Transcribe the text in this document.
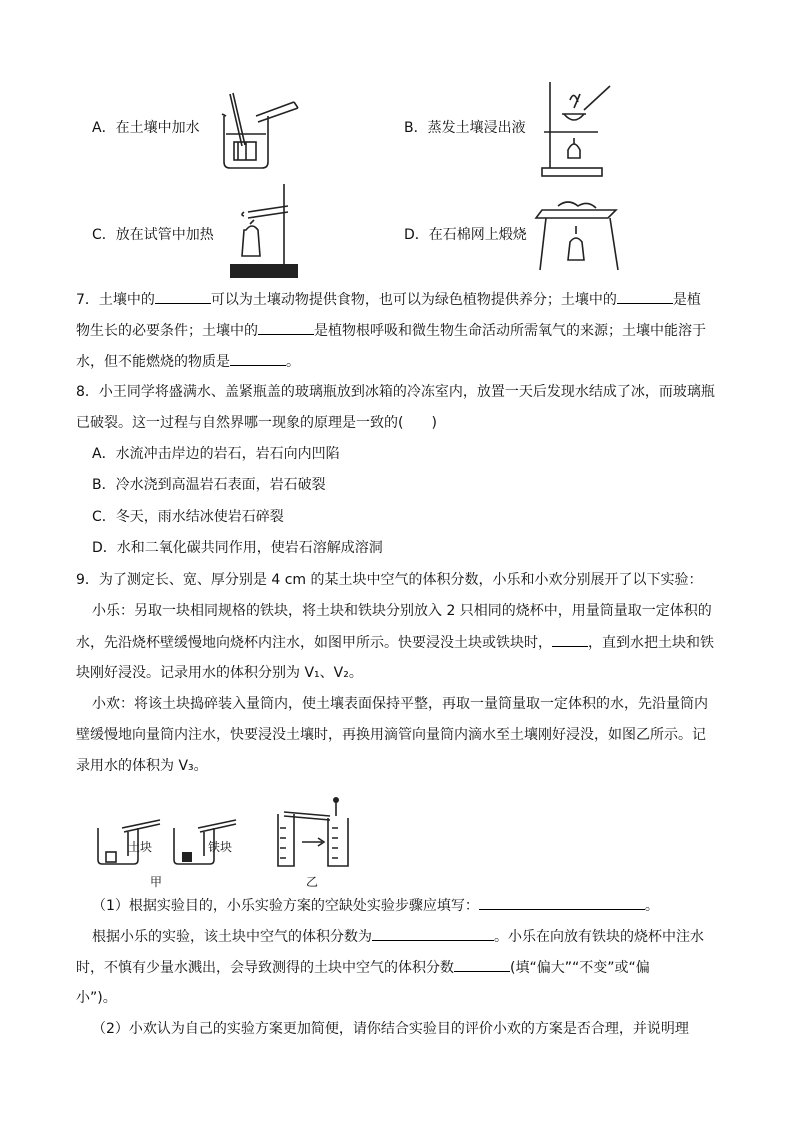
A．在土壤中加水	B．蒸发土壤浸出液
C．放在试管中加热	D．在石棉网上煅烧
7．土壤中的	可以为土壤动物提供食物，也可以为绿色植物提供养分；土壤中的	是植
物生长的必要条件；土壤中的	是植物根呼吸和微生物生命活动所需氧气的来源；土壤中能溶于
水，但不能燃烧的物质是	。
8．小王同学将盛满水、盖紧瓶盖的玻璃瓶放到冰箱的冷冻室内，放置一天后发现水结成了冰，而玻璃瓶
已破裂。这一过程与自然界哪一现象的原理是一致的(　　)
A．水流冲击岸边的岩石，岩石向内凹陷
B．冷水浇到高温岩石表面，岩石破裂
C．冬天，雨水结冰使岩石碎裂
D．水和二氧化碳共同作用，使岩石溶解成溶洞
9．为了测定长、宽、厚分别是 4 cm 的某土块中空气的体积分数，小乐和小欢分别展开了以下实验：
小乐：另取一块相同规格的铁块，将土块和铁块分别放入 2 只相同的烧杯中，用量筒量取一定体积的
水，先沿烧杯壁缓慢地向烧杯内注水，如图甲所示。快要浸没土块或铁块时，	，直到水把土块和铁
块刚好浸没。记录用水的体积分别为 V₁、V₂。
小欢：将该土块捣碎装入量筒内，使土壤表面保持平整，再取一量筒量取一定体积的水，先沿量筒内
壁缓慢地向量筒内注水，快要浸没土壤时，再换用滴管向量筒内滴水至土壤刚好浸没，如图乙所示。记
录用水的体积为 V₃。
土块	铁块
甲	乙
（1）根据实验目的，小乐实验方案的空缺处实验步骤应填写：	。
根据小乐的实验，该土块中空气的体积分数为	。小乐在向放有铁块的烧杯中注水
时，不慎有少量水溅出，会导致测得的土块中空气的体积分数	(填“偏大”“不变”或“偏
小”)。
（2）小欢认为自己的实验方案更加简便，请你结合实验目的评价小欢的方案是否合理，并说明理
